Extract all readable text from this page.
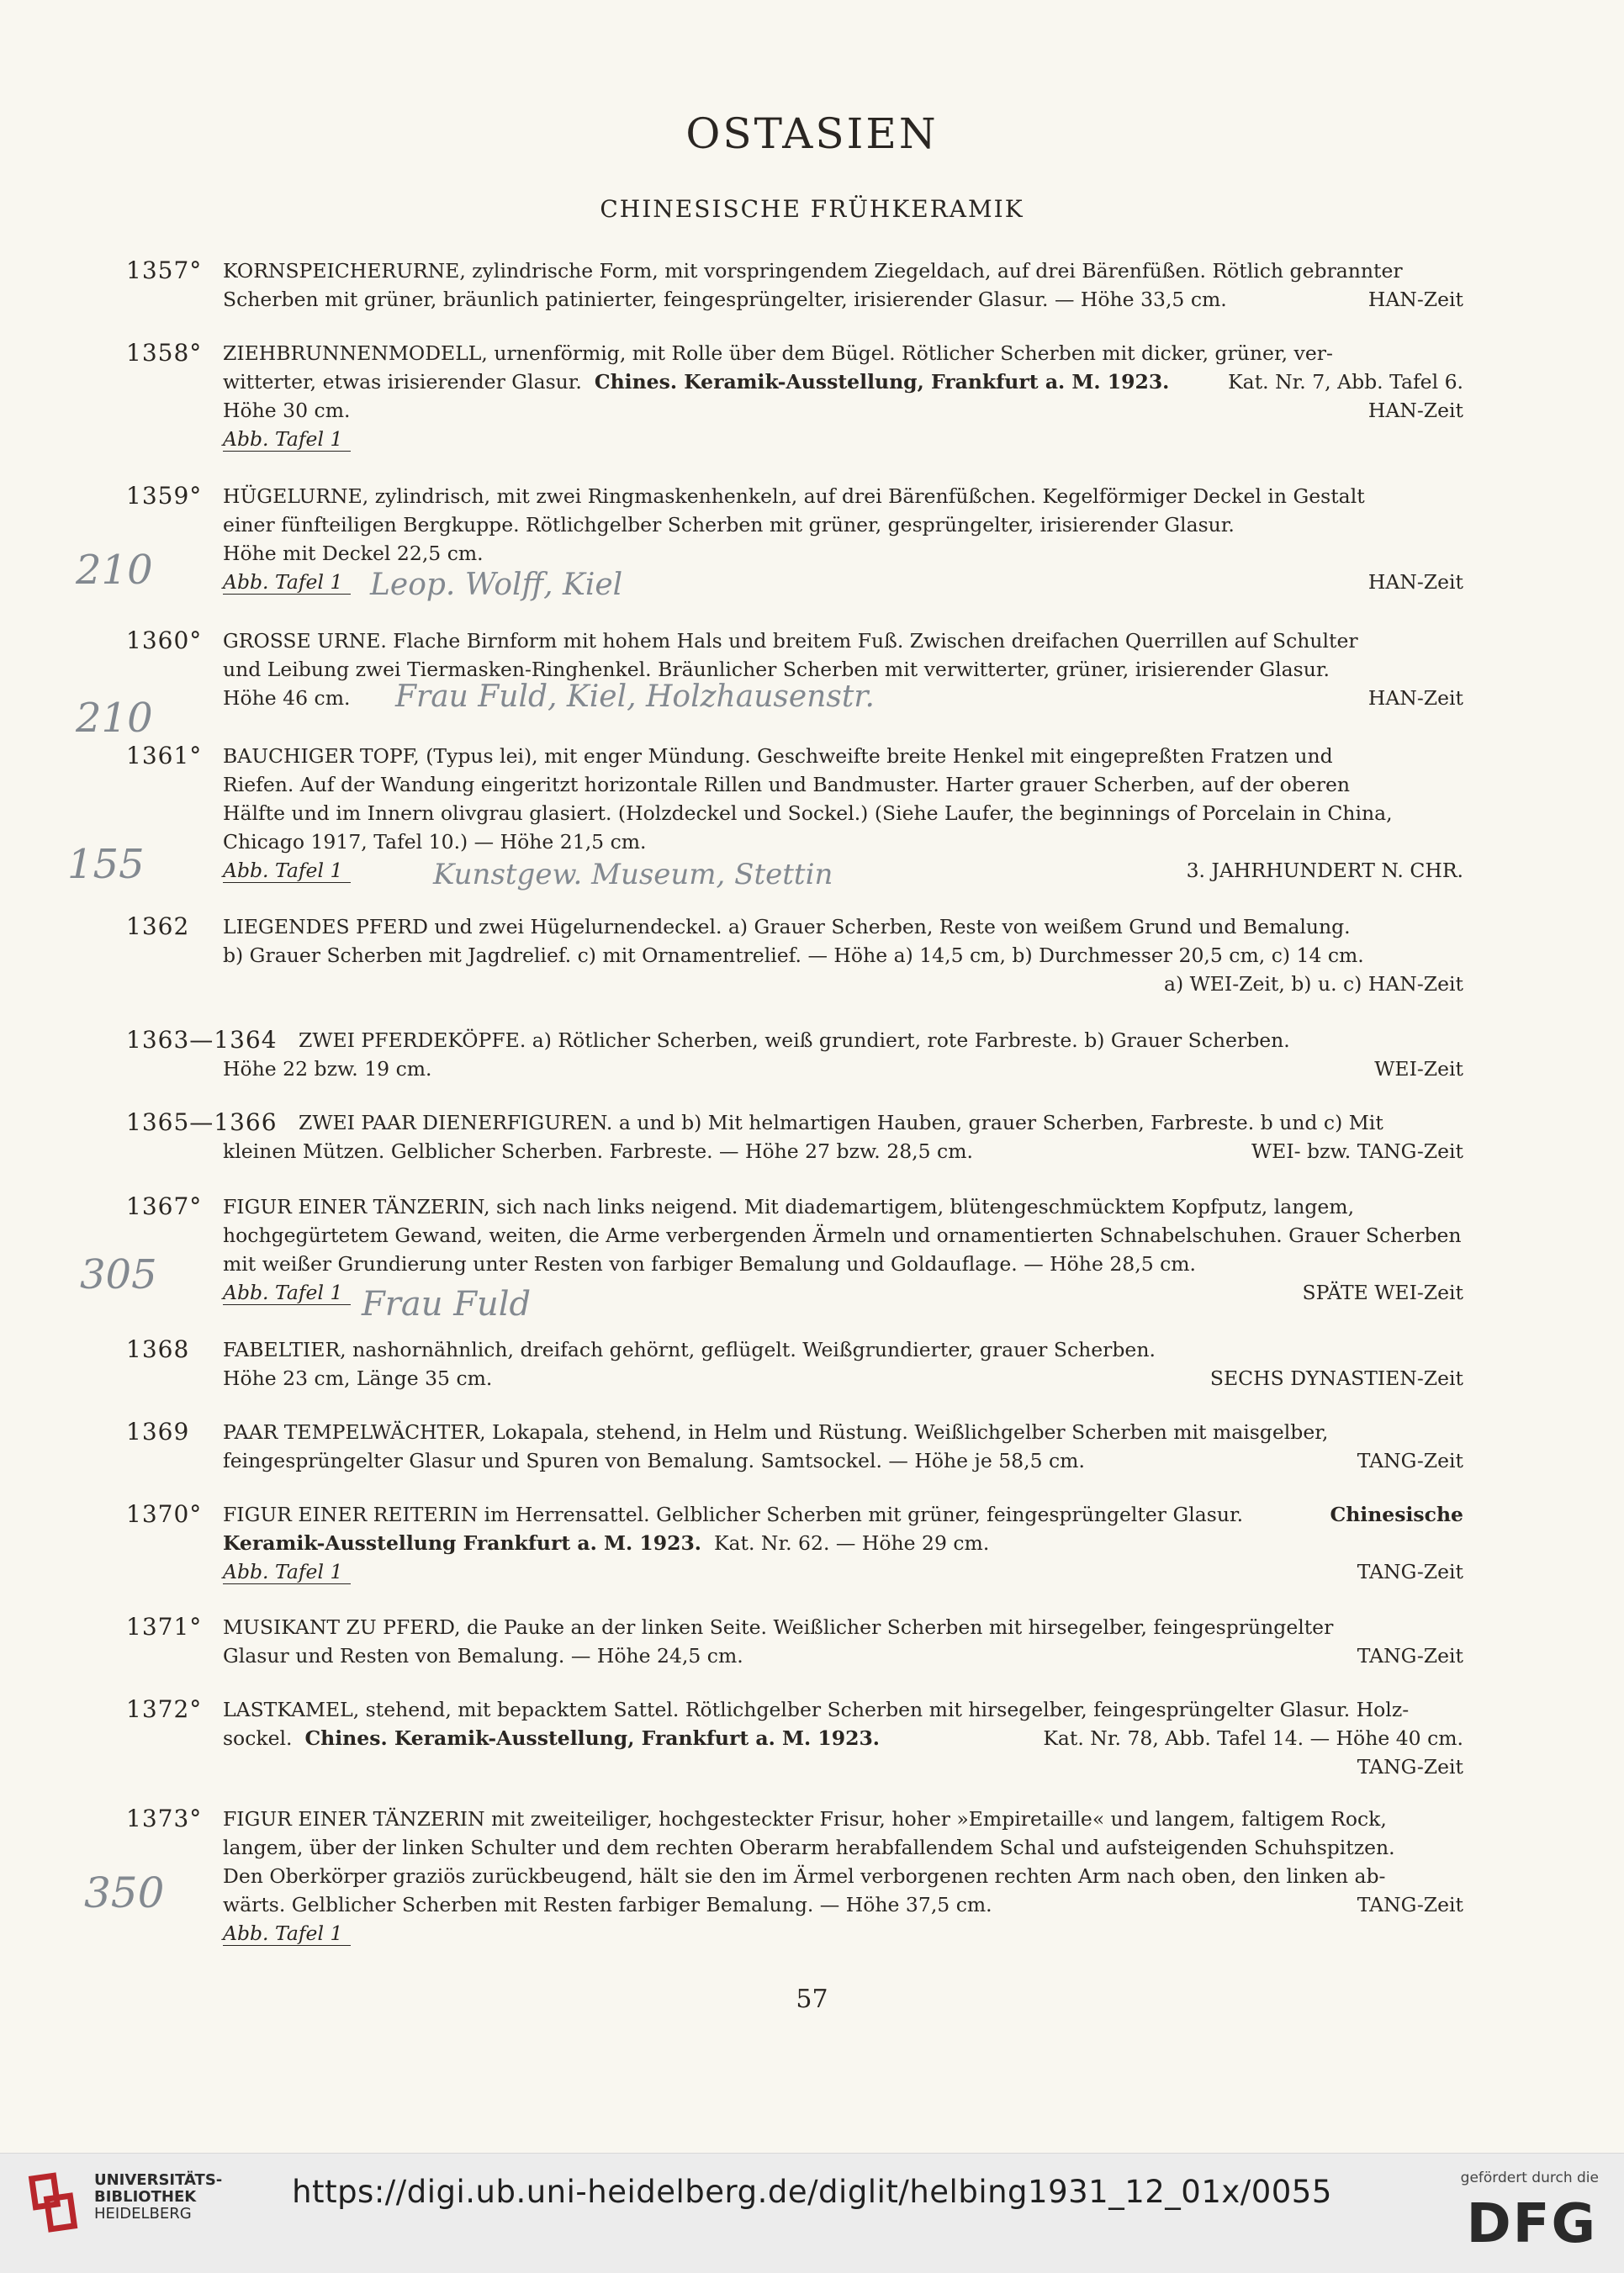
OSTASIEN
CHINESISCHE FRÜHKERAMIK
1357° KORNSPEICHERURNE, zylindrische Form, mit vorspringendem Ziegeldach, auf drei Bärenfüßen. Rötlich gebrannter
Scherben mit grüner, bräunlich patinierter, feingesprüngelter, irisierender Glasur. — Höhe 33,5 cm.	HAN-Zeit
1358° ZIEHBRUNNENMODELL, urnenförmig, mit Rolle über dem Bügel. Rötlicher Scherben mit dicker, grüner, ver-
witterter, etwas irisierender Glasur. Chines. Keramik-Ausstellung, Frankfurt a. M. 1923.	Kat. Nr. 7, Abb. Tafel 6.
Höhe 30 cm.	HAN-Zeit
Abb. Tafel 1
1359° HÜGELURNE, zylindrisch, mit zwei Ringmaskenhenkeln, auf drei Bärenfüßchen. Kegelförmiger Deckel in Gestalt
einer fünfteiligen Bergkuppe. Rötlichgelber Scherben mit grüner, gesprüngelter, irisierender Glasur.
Höhe mit Deckel 22,5 cm.
Abb. Tafel 1	HAN-Zeit
1360° GROSSE URNE. Flache Birnform mit hohem Hals und breitem Fuß. Zwischen dreifachen Querrillen auf Schulter
und Leibung zwei Tiermasken-Ringhenkel. Bräunlicher Scherben mit verwitterter, grüner, irisierender Glasur.
Höhe 46 cm.	HAN-Zeit
1361° BAUCHIGER TOPF, (Typus lei), mit enger Mündung. Geschweifte breite Henkel mit eingepreßten Fratzen und
Riefen. Auf der Wandung eingeritzt horizontale Rillen und Bandmuster. Harter grauer Scherben, auf der oberen
Hälfte und im Innern olivgrau glasiert. (Holzdeckel und Sockel.) (Siehe Laufer, the beginnings of Porcelain in China,
Chicago 1917, Tafel 10.) — Höhe 21,5 cm.
Abb. Tafel 1	3. JAHRHUNDERT N. CHR.
1362 LIEGENDES PFERD und zwei Hügelurnendeckel. a) Grauer Scherben, Reste von weißem Grund und Bemalung.
b) Grauer Scherben mit Jagdrelief. c) mit Ornamentrelief. — Höhe a) 14,5 cm, b) Durchmesser 20,5 cm, c) 14 cm.
a) WEI-Zeit, b) u. c) HAN-Zeit
1363—1364 ZWEI PFERDEKÖPFE. a) Rötlicher Scherben, weiß grundiert, rote Farbreste. b) Grauer Scherben.
Höhe 22 bzw. 19 cm.	WEI-Zeit
1365—1366 ZWEI PAAR DIENERFIGUREN. a und b) Mit helmartigen Hauben, grauer Scherben, Farbreste. b und c) Mit
kleinen Mützen. Gelblicher Scherben. Farbreste. — Höhe 27 bzw. 28,5 cm.	WEI- bzw. TANG-Zeit
1367° FIGUR EINER TÄNZERIN, sich nach links neigend. Mit diademartigem, blütengeschmücktem Kopfputz, langem,
hochgegürtetem Gewand, weiten, die Arme verbergenden Ärmeln und ornamentierten Schnabelschuhen. Grauer Scherben
mit weißer Grundierung unter Resten von farbiger Bemalung und Goldauflage. — Höhe 28,5 cm.
Abb. Tafel 1	SPÄTE WEI-Zeit
1368 FABELTIER, nashornähnlich, dreifach gehörnt, geflügelt. Weißgrundierter, grauer Scherben.
Höhe 23 cm, Länge 35 cm.	SECHS DYNASTIEN-Zeit
1369 PAAR TEMPELWÄCHTER, Lokapala, stehend, in Helm und Rüstung. Weißlichgelber Scherben mit maisgelber,
feingesprüngelter Glasur und Spuren von Bemalung. Samtsockel. — Höhe je 58,5 cm.	TANG-Zeit
1370° FIGUR EINER REITERIN im Herrensattel. Gelblicher Scherben mit grüner, feingesprüngelter Glasur.	Chinesische
Keramik-Ausstellung Frankfurt a. M. 1923. Kat. Nr. 62. — Höhe 29 cm.
Abb. Tafel 1	TANG-Zeit
1371° MUSIKANT ZU PFERD, die Pauke an der linken Seite. Weißlicher Scherben mit hirsegelber, feingesprüngelter
Glasur und Resten von Bemalung. — Höhe 24,5 cm.	TANG-Zeit
1372° LASTKAMEL, stehend, mit bepacktem Sattel. Rötlichgelber Scherben mit hirsegelber, feingesprüngelter Glasur. Holz-
sockel. Chines. Keramik-Ausstellung, Frankfurt a. M. 1923.	Kat. Nr. 78, Abb. Tafel 14. — Höhe 40 cm.
TANG-Zeit
1373° FIGUR EINER TÄNZERIN mit zweiteiliger, hochgesteckter Frisur, hoher »Empiretaille« und langem, faltigem Rock,
langem, über der linken Schulter und dem rechten Oberarm herabfallendem Schal und aufsteigenden Schuhspitzen.
Den Oberkörper graziös zurückbeugend, hält sie den im Ärmel verborgenen rechten Arm nach oben, den linken ab-
wärts. Gelblicher Scherben mit Resten farbiger Bemalung. — Höhe 37,5 cm.	TANG-Zeit
Abb. Tafel 1
210	Leop. Wolff, Kiel
210	Frau Fuld, Kiel, Holzhausenstr.
155	Kunstgew. Museum, Stettin
305
Frau Fuld
350
57
UNIVERSITÄTS-
BIBLIOTHEK
HEIDELBERG
https://digi.ub.uni-heidelberg.de/diglit/helbing1931_12_01x/0055	gefördert durch die
DFG
